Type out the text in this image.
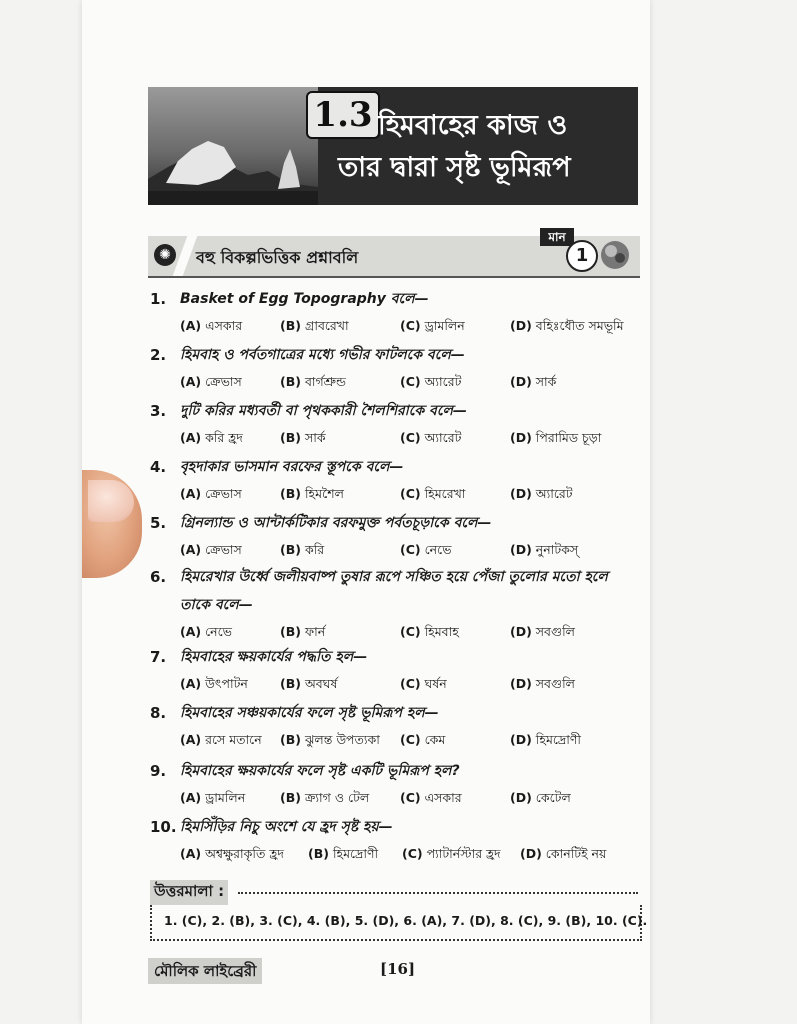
1.3 হিমবাহের কাজ ও
তার দ্বারা সৃষ্ট ভূমিরূপ
✺	বহু বিকল্পভিত্তিক প্রশ্নাবলি
মান
1
1. Basket of Egg Topography বলে—
(A) এসকার	(B) গ্রাবরেখা	(C) ড্রামলিন	(D) বহিঃধৌত সমভূমি
2. হিমবাহ ও পর্বতগাত্রের মধ্যে গভীর ফাটলকে বলে—
(A) ক্রেভাস	(B) বার্গশ্রুন্ড	(C) অ্যারেট	(D) সার্ক
3. দুটি করির মধ্যবর্তী বা পৃথককারী শৈলশিরাকে বলে—
(A) করি হ্রদ	(B) সার্ক	(C) অ্যারেট	(D) পিরামিড চূড়া
4. বৃহদাকার ভাসমান বরফের স্তূপকে বলে—
(A) ক্রেভাস	(B) হিমশৈল	(C) হিমরেখা	(D) অ্যারেট
5. গ্রিনল্যান্ড ও আন্টার্কটিকার বরফমুক্ত পর্বতচূড়াকে বলে—
(A) ক্রেভাস	(B) করি	(C) নেভে	(D) নুনাটকস্
6. হিমরেখার উর্ধ্বে জলীয়বাষ্প তুষার রূপে সঞ্চিত হয়ে পেঁজা তুলোর মতো হলে
তাকে বলে—
(A) নেভে	(B) ফার্ন	(C) হিমবাহ	(D) সবগুলি
7. হিমবাহের ক্ষয়কার্যের পদ্ধতি হল—
(A) উৎপাটন	(B) অবঘর্ষ	(C) ঘর্ষন	(D) সবগুলি
8. হিমবাহের সঞ্চয়কার্যের ফলে সৃষ্ট ভূমিরূপ হল—
(A) রসে মতানে (B) ঝুলন্ত উপত্যকা (C) কেম	(D) হিমদ্রোণী
9. হিমবাহের ক্ষয়কার্যের ফলে সৃষ্ট একটি ভূমিরূপ হল?
(A) ড্রামলিন	(B) ক্র্যাগ ও টেল (C) এসকার	(D) কেটেল
10. হিমসিঁড়ির নিচু অংশে যে হ্রদ সৃষ্ট হয়—
(A) অশ্বক্ষুরাকৃতি হ্রদ (B) হিমদ্রোণী (C) প্যাটার্নস্টার হ্রদ (D) কোনটিই নয়
উত্তরমালা :
1. (C), 2. (B), 3. (C), 4. (B), 5. (D), 6. (A), 7. (D), 8. (C), 9. (B), 10. (C).
মৌলিক লাইব্রেরী	[16]
